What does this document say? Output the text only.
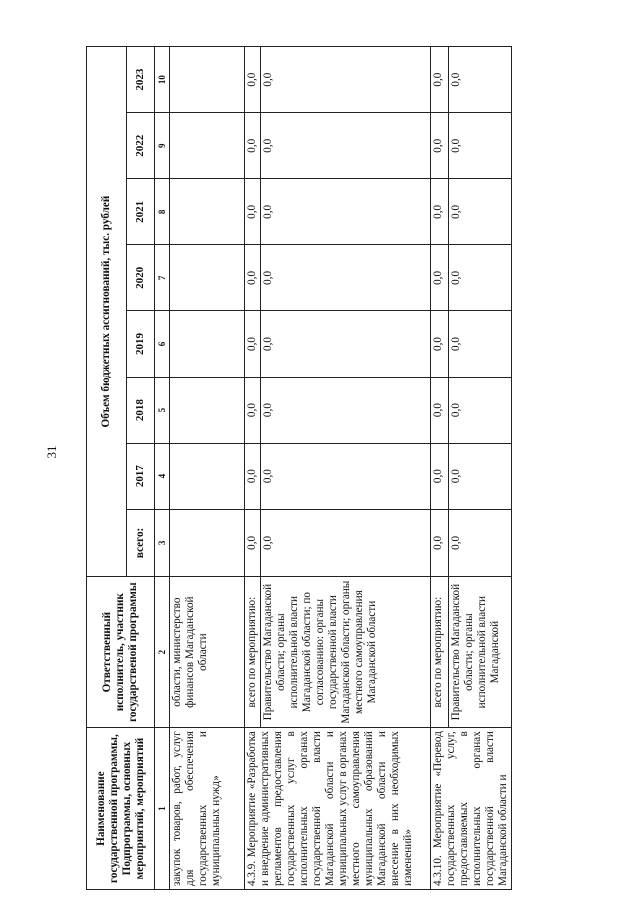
31
Наименование государственной программы, Подпрограммы, основных мероприятий, мероприятий	Ответственный исполнитель, участник государственой программы	Объем бюджетных ассигнований, тыс. рублей							
		всего:	2017	2018	2019	2020	2021	2022	2023
1	2	3	4	5	6	7	8	9	10
закупок товаров, работ, услуг для обеспечения государственных и муниципальных нужд»	области, министерство финансов Магаданской области								
4.3.9. Мероприятие «Разработка и внедрение административных регламентов предоставления государственных услуг в исполнительных органах государственной власти Магаданской области и муниципальных услуг в органах местного самоуправления муниципальных образований Магаданской области и внесение в них необходимых изменений»	всего по мероприятию:	0,0	0,0	0,0	0,0	0,0	0,0	0,0	0,0
	Правительство Магаданской области; органы исполнительной власти Магаданской области; по согласованию: органы государственной власти Магаданской области; органы местного самоуправления Магаданской области	0,0	0,0	0,0	0,0	0,0	0,0	0,0	0,0
4.3.10. Мероприятие «Перевод государственных услуг, предоставляемых в исполнительных органах государственной власти Магаданской области и	всего по мероприятию:	0,0	0,0	0,0	0,0	0,0	0,0	0,0	0,0
	Правительство Магаданской области; органы исполнительной власти Магаданской	0,0	0,0	0,0	0,0	0,0	0,0	0,0	0,0
